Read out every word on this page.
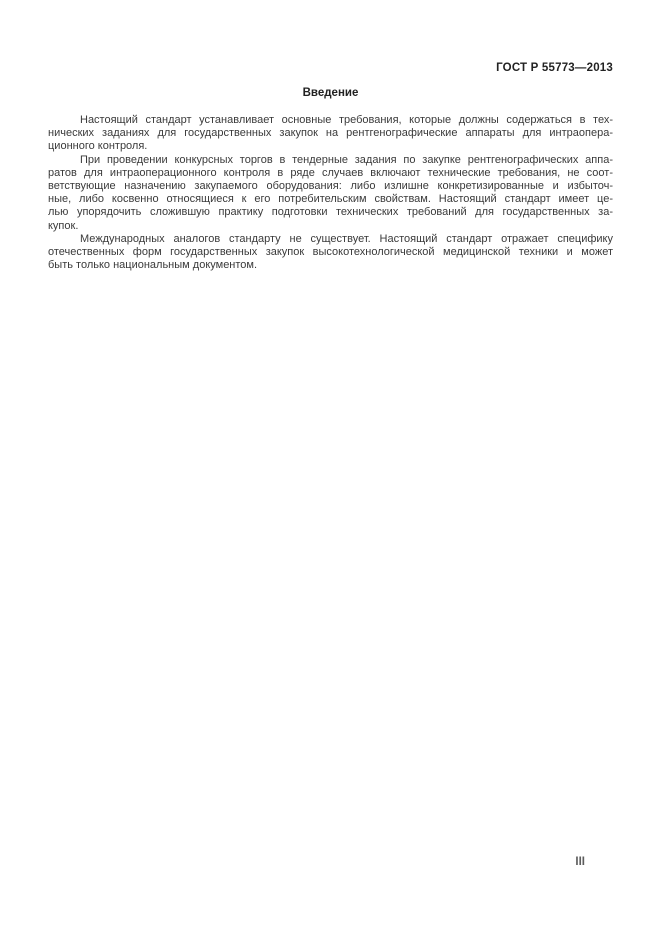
ГОСТ Р 55773—2013
Введение
Настоящий стандарт устанавливает основные требования, которые должны содержаться в тех-
нических заданиях для государственных закупок на рентгенографические аппараты для интраопера-
ционного контроля.
При проведении конкурсных торгов в тендерные задания по закупке рентгенографических аппа-
ратов для интраоперационного контроля в ряде случаев включают технические требования, не соот-
ветствующие назначению закупаемого оборудования: либо излишне конкретизированные и избыточ-
ные, либо косвенно относящиеся к его потребительским свойствам. Настоящий стандарт имеет це-
лью упорядочить сложившую практику подготовки технических требований для государственных за-
купок.
Международных аналогов стандарту не существует. Настоящий стандарт отражает специфику
отечественных форм государственных закупок высокотехнологической медицинской техники и может
быть только национальным документом.
III
